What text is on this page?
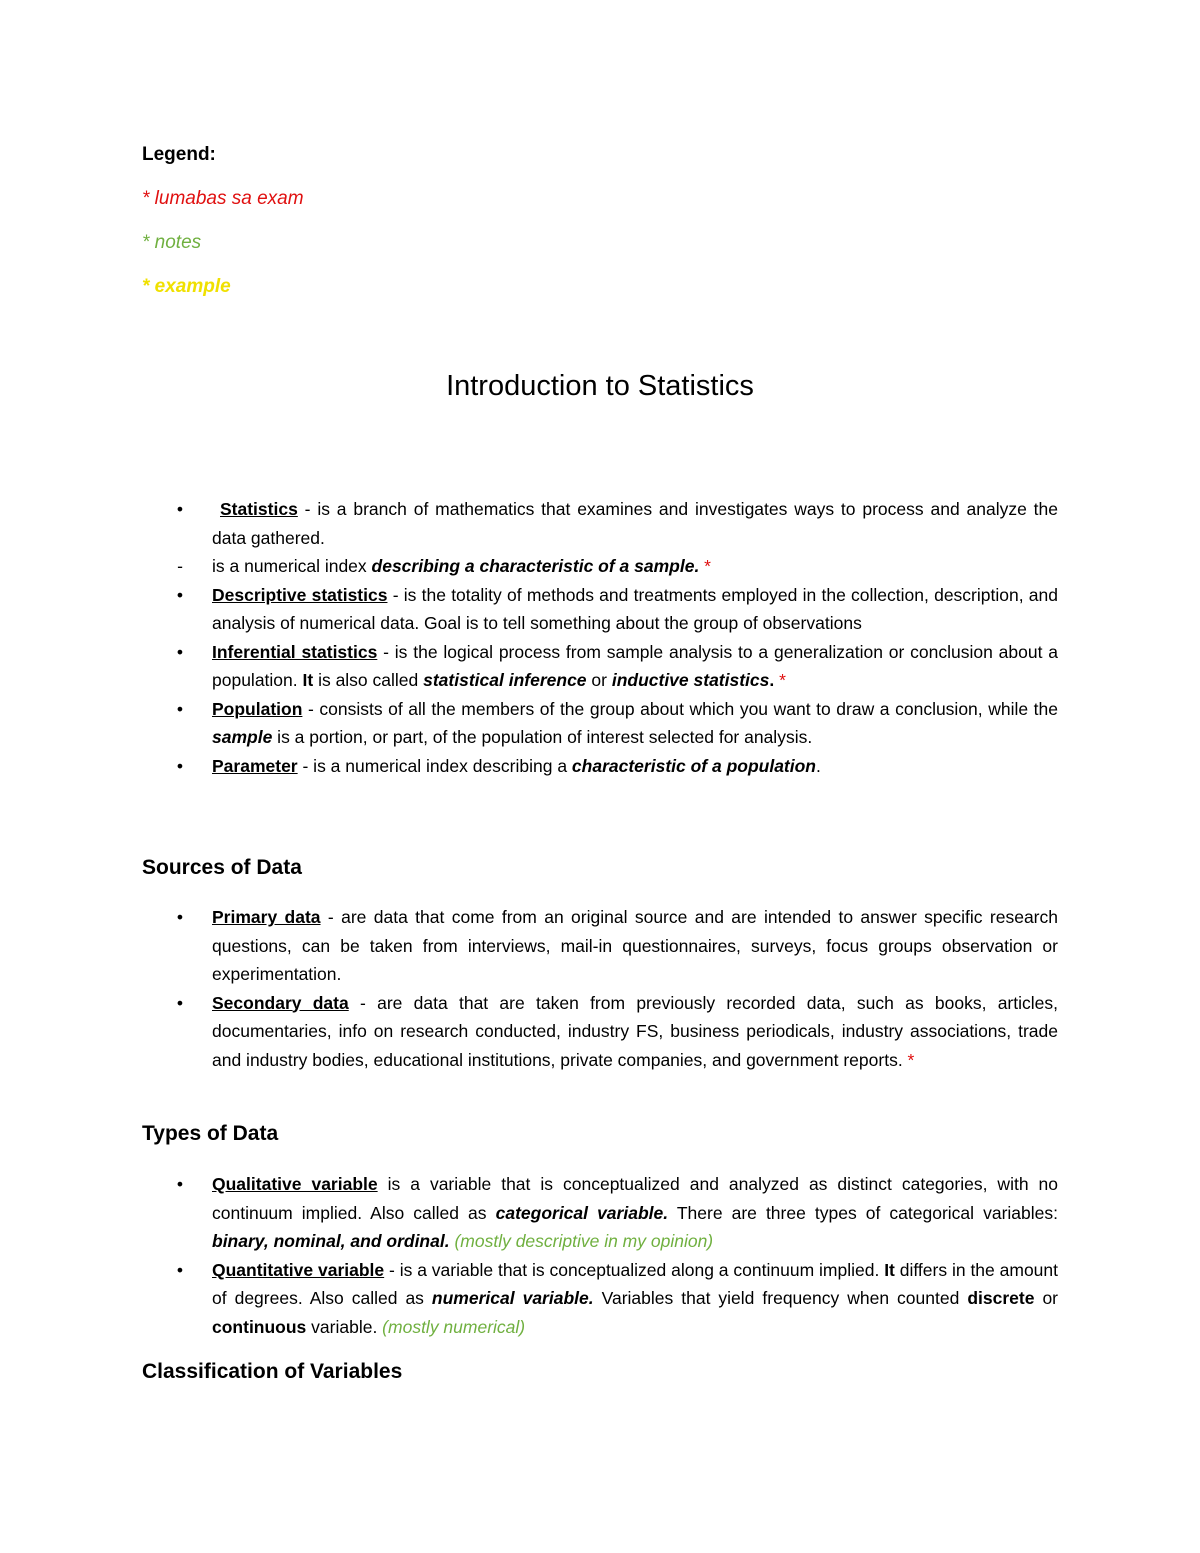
Legend:
* lumabas sa exam
* notes
* example
Introduction to Statistics
•	Statistics - is a branch of mathematics that examines and investigates ways to process and analyze the data gathered.
-	is a numerical index describing a characteristic of a sample. *
•	Descriptive statistics - is the totality of methods and treatments employed in the collection, description, and analysis of numerical data. Goal is to tell something about the group of observations
•	Inferential statistics - is the logical process from sample analysis to a generalization or conclusion about a population. It is also called statistical inference or inductive statistics. *
•	Population - consists of all the members of the group about which you want to draw a conclusion, while the sample is a portion, or part, of the population of interest selected for analysis.
•	Parameter - is a numerical index describing a characteristic of a population.
Sources of Data
•	Primary data - are data that come from an original source and are intended to answer specific research questions, can be taken from interviews, mail-in questionnaires, surveys, focus groups observation or experimentation.
•	Secondary data - are data that are taken from previously recorded data, such as books, articles, documentaries, info on research conducted, industry FS, business periodicals, industry associations, trade and industry bodies, educational institutions, private companies, and government reports. *
Types of Data
•	Qualitative variable is a variable that is conceptualized and analyzed as distinct categories, with no continuum implied. Also called as categorical variable. There are three types of categorical variables: binary, nominal, and ordinal. (mostly descriptive in my opinion)
•	Quantitative variable - is a variable that is conceptualized along a continuum implied. It differs in the amount of degrees. Also called as numerical variable. Variables that yield frequency when counted discrete or continuous variable. (mostly numerical)
Classification of Variables
